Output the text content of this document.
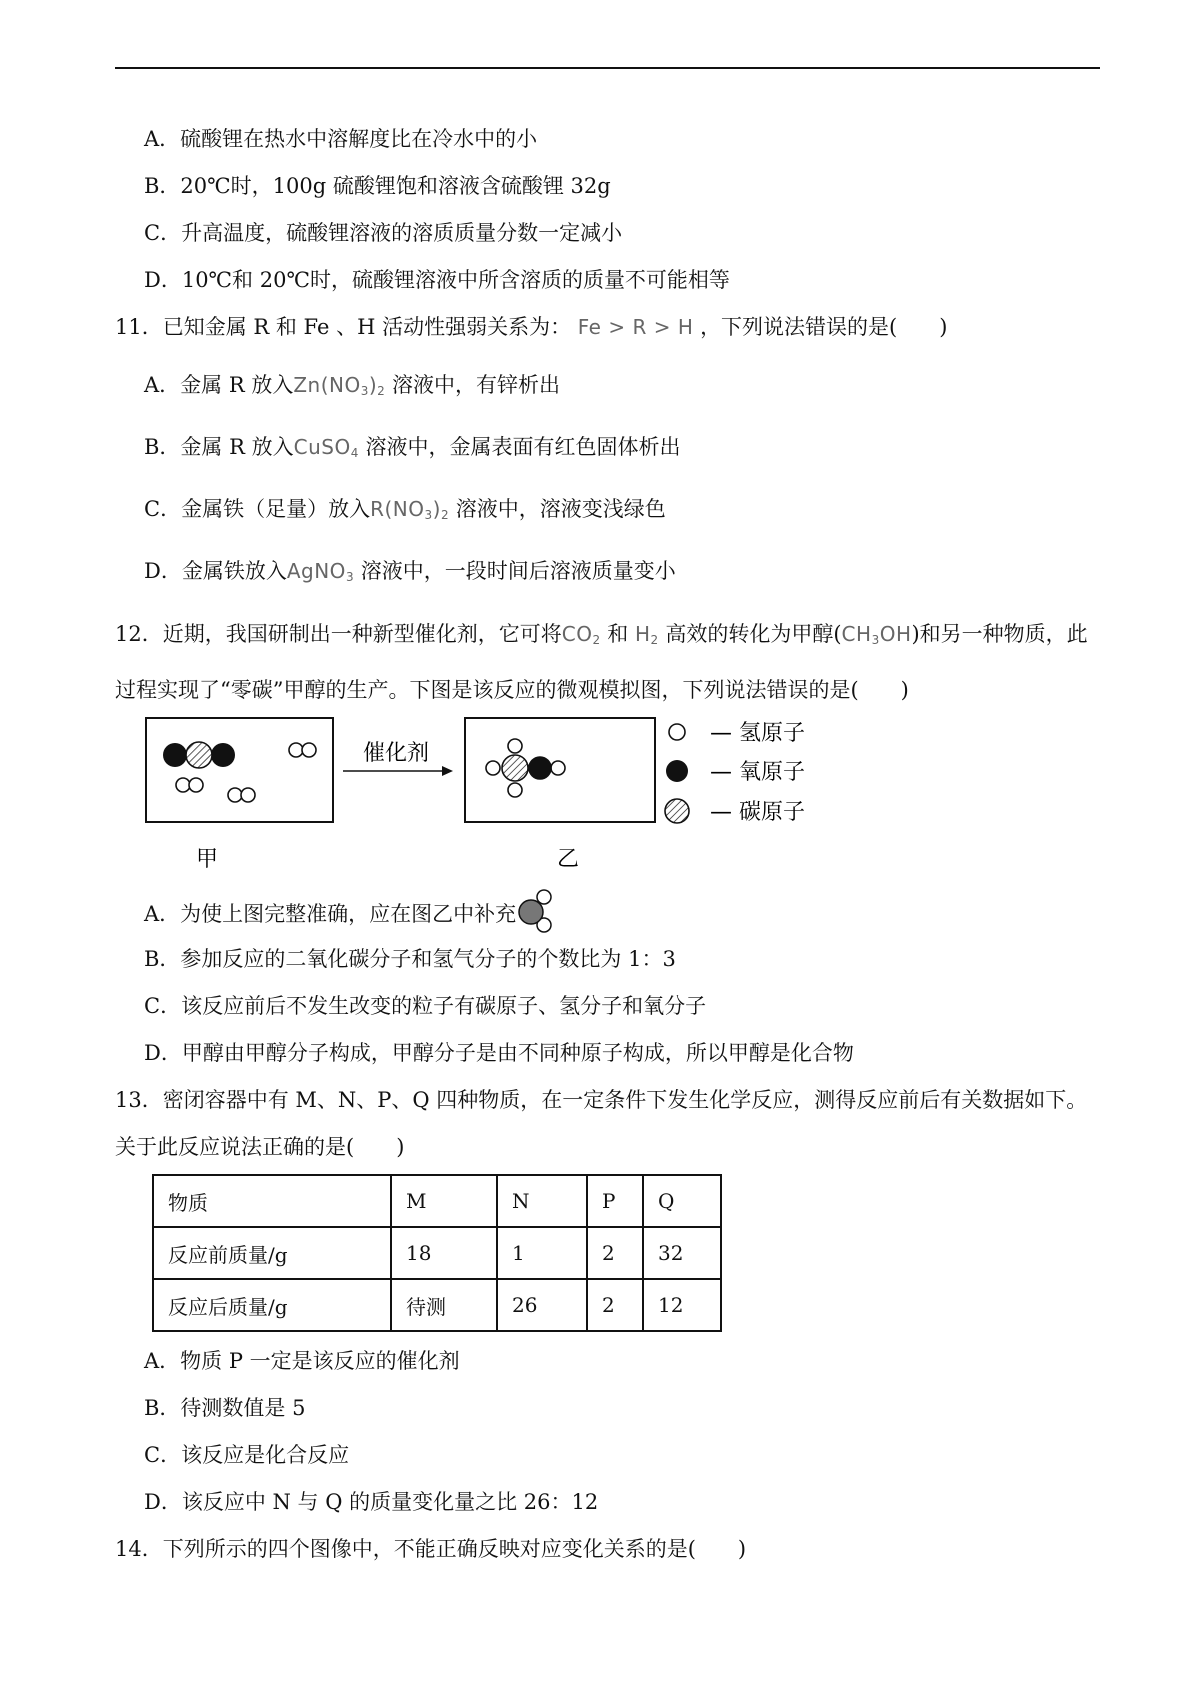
A．硫酸锂在热水中溶解度比在冷水中的小
B．20℃时，100g 硫酸锂饱和溶液含硫酸锂 32g
C．升高温度，硫酸锂溶液的溶质质量分数一定减小
D．10℃和 20℃时，硫酸锂溶液中所含溶质的质量不可能相等
11．已知金属 R 和 Fe 、H 活动性强弱关系为： Fe > R > H ，下列说法错误的是( )
A．金属 R 放入$Zn(NO_3)_2$ 溶液中，有锌析出
B．金属 R 放入CuSO$_4$ 溶液中，金属表面有红色固体析出
C．金属铁（足量）放入$R(NO_3)_2$ 溶液中，溶液变浅绿色
D．金属铁放入AgNO$_3$ 溶液中，一段时间后溶液质量变小
12．近期，我国研制出一种新型催化剂，它可将$CO_2$ 和 $H_2$ 高效的转化为甲醇$(CH_3OH)$和另一种物质，此
过程实现了“零碳”甲醇的生产。下图是该反应的微观模拟图，下列说法错误的是( )
催化剂
甲	乙
— 氢原子
— 氧原子
— 碳原子
A．为使上图完整准确，应在图乙中补充
B．参加反应的二氧化碳分子和氢气分子的个数比为 1：3
C．该反应前后不发生改变的粒子有碳原子、氢分子和氧分子
D．甲醇由甲醇分子构成，甲醇分子是由不同种原子构成，所以甲醇是化合物
13．密闭容器中有 M、N、P、Q 四种物质，在一定条件下发生化学反应，测得反应前后有关数据如下。
关于此反应说法正确的是( )
物质	M	N	P	Q
反应前质量/g	18	1	2	32
反应后质量/g	待测	26	2	12
A．物质 P 一定是该反应的催化剂
B．待测数值是 5
C．该反应是化合反应
D．该反应中 N 与 Q 的质量变化量之比 26：12
14．下列所示的四个图像中，不能正确反映对应变化关系的是( )
